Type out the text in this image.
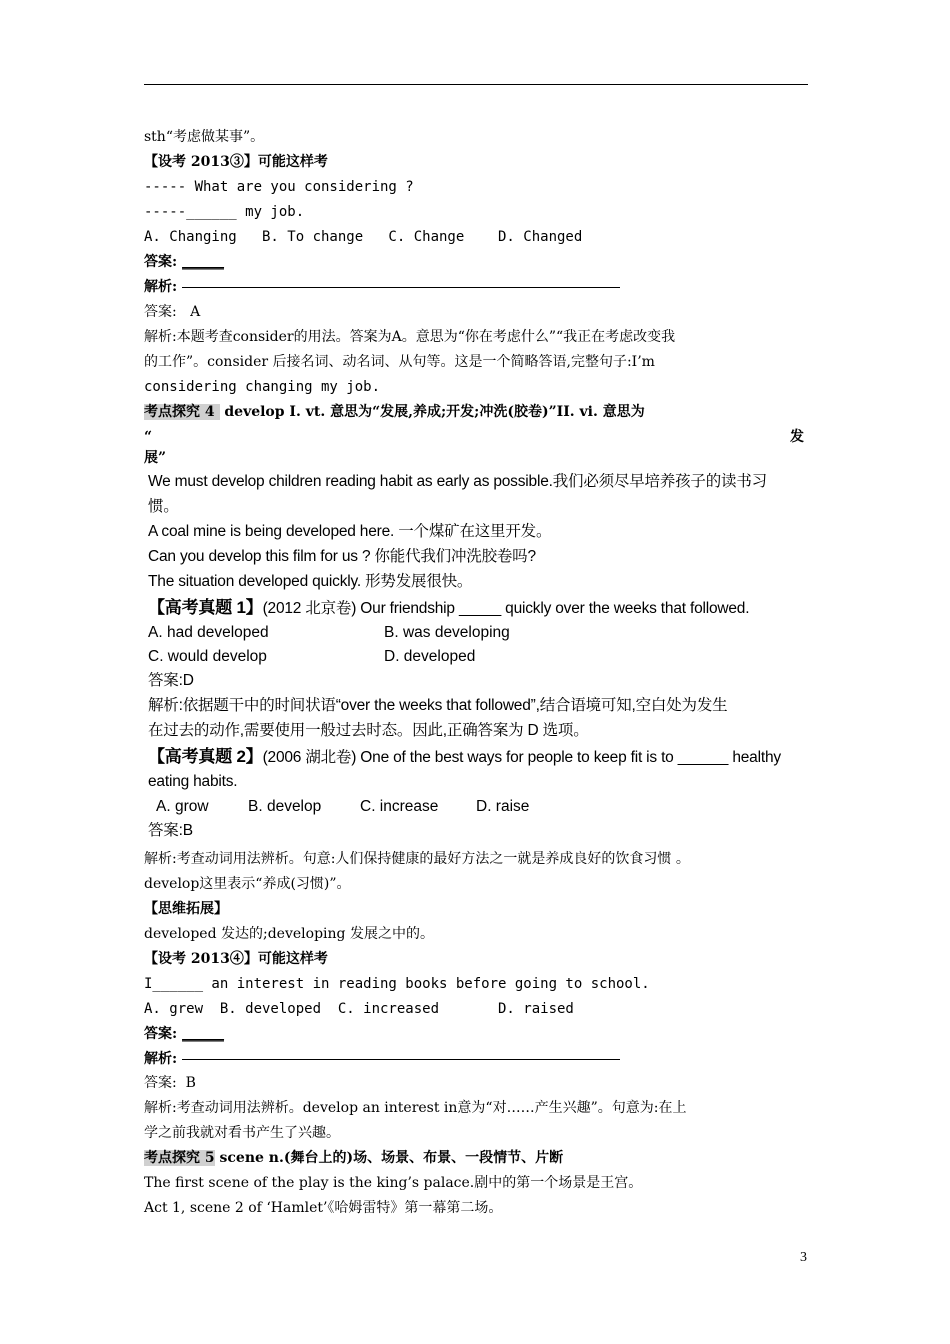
sth“考虑做某事”。
【设考 2013③】可能这样考
----- What are you considering ?
-----______ my job.
A. Changing   B. To change   C. Change    D. Changed
答案: ______
解析:
答案:   A
解析:本题考查consider的用法。答案为A。意思为“你在考虑什么”“我正在考虑改变我
的工作”。consider 后接名词、动名词、从句等。这是一个简略答语,完整句子:I’m
considering changing my job.
考点探究 4  develop I. vt. 意思为“发展,养成;开发;冲洗(胶卷)”II. vi. 意思为
“	发
展”
We must develop children reading habit as early as possible.我们必须尽早培养孩子的读书习
惯。
A coal mine is being developed here. 一个煤矿在这里开发。
Can you develop this film for us ? 你能代我们冲洗胶卷吗?
The situation developed quickly. 形势发展很快。
【高考真题 1】(2012 北京卷) Our friendship _____ quickly over the weeks that followed.
A. had developed	B. was developing
C. would develop	D. developed
答案:D
解析:依据题干中的时间状语“over the weeks that followed”,结合语境可知,空白处为发生
在过去的动作,需要使用一般过去时态。因此,正确答案为 D 选项。
【高考真题 2】(2006 湖北卷) One of the best ways for people to keep fit is to ______ healthy
eating habits.
A. grow	B. develop	C. increase D. raise
答案:B
解析:考查动词用法辨析。句意:人们保持健康的最好方法之一就是养成良好的饮食习惯 。
develop这里表示“养成(习惯)”。
【思维拓展】
developed 发达的;developing 发展之中的。
【设考 2013④】可能这样考
I______ an interest in reading books before going to school.
A. grew  B. developed  C. increased       D. raised
答案: ______
解析:
答案:  B
解析:考查动词用法辨析。develop an interest in意为“对……产生兴趣”。句意为:在上
学之前我就对看书产生了兴趣。
考点探究 5 scene n.(舞台上的)场、场景、布景、一段情节、片断
The first scene of the play is the king’s palace.剧中的第一个场景是王宫。
Act 1, scene 2 of ‘Hamlet’《哈姆雷特》第一幕第二场。
3
